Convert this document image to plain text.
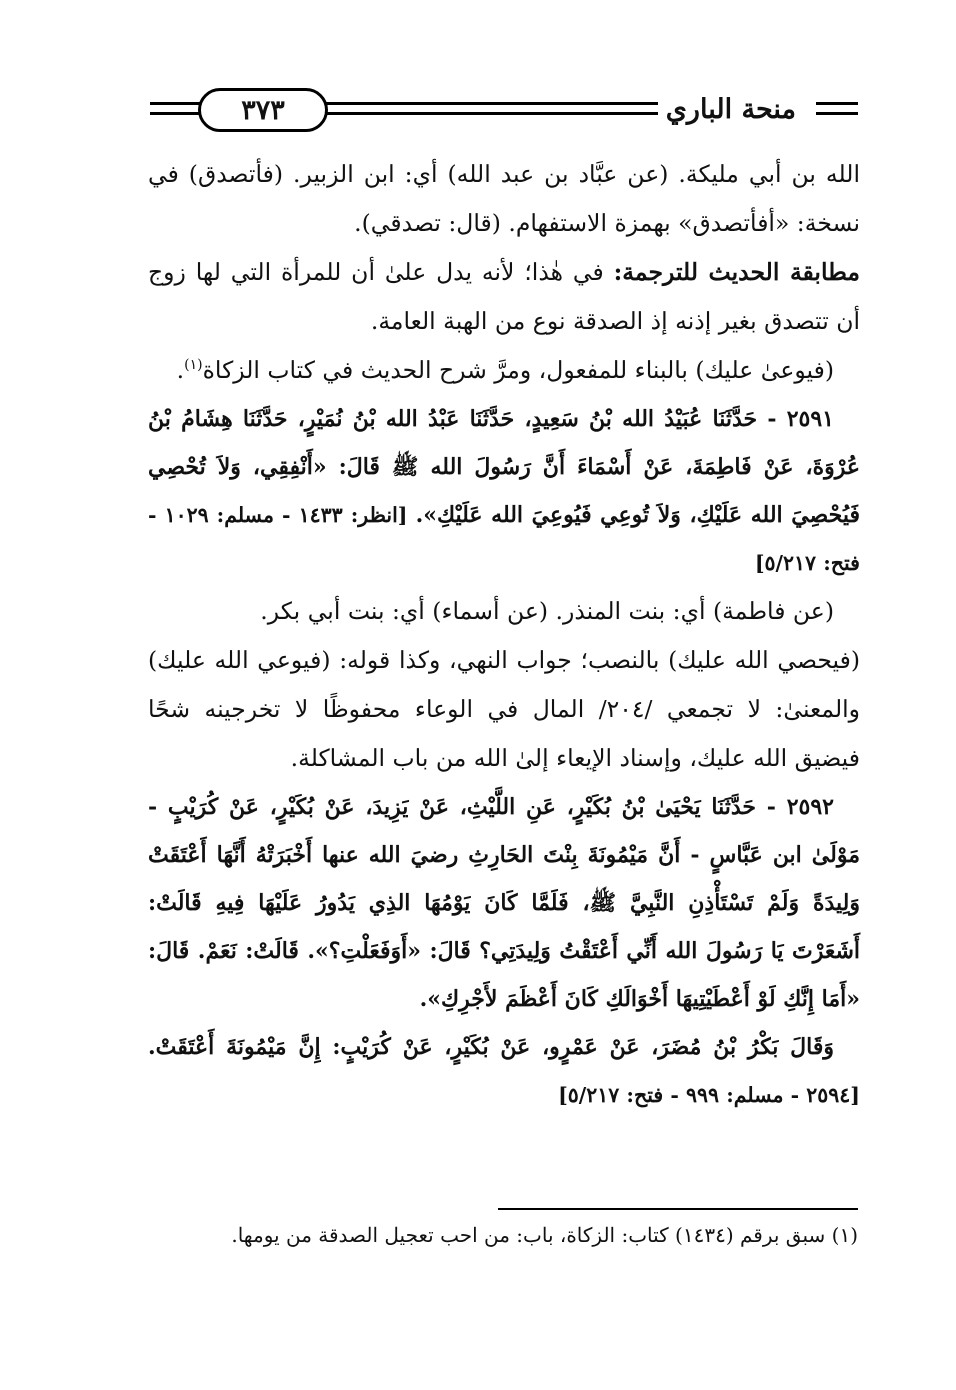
٣٧٣	منحة الباري

الله بن أبي مليكة. (عن عبَّاد بن عبد الله) أي: ابن الزبير. (فأتصدق) في نسخة: «أفأتصدق» بهمزة الاستفهام. (قال: تصدقي).

مطابقة الحديث للترجمة: في هٰذا؛ لأنه يدل علىٰ أن للمرأة التي لها زوج أن تتصدق بغير إذنه إذ الصدقة نوع من الهبة العامة.

(فيوعىٰ عليك) بالبناء للمفعول، ومرَّ شرح الحديث في كتاب الزكاة$^{(١)}$.

٢٥٩١ - حَدَّثَنَا عُبَيْدُ الله بْنُ سَعِيدٍ، حَدَّثَنَا عَبْدُ الله بْنُ نُمَيْرٍ، حَدَّثَنَا هِشَامُ بْنُ عُرْوَةَ، عَنْ فَاطِمَةَ، عَنْ أَسْمَاءَ أَنَّ رَسُولَ الله ﷺ قَالَ: «أَنْفِقِي، وَلاَ تُحْصِي فَيُحْصِيَ الله عَلَيْكِ، وَلاَ تُوعِي فَيُوعِيَ الله عَلَيْكِ». [انظر: ١٤٣٣ - مسلم: ١٠٢٩ - فتح: ٥/٢١٧]

(عن فاطمة) أي: بنت المنذر. (عن أسماء) أي: بنت أبي بكر.

(فيحصي الله عليك) بالنصب؛ جواب النهي، وكذا قوله: (فيوعي الله عليك) والمعنىٰ: لا تجمعي /٢٠٤/ المال في الوعاء محفوظًا لا تخرجينه شحًا فيضيق الله عليك، وإسناد الإيعاء إلىٰ الله من باب المشاكلة.

٢٥٩٢ - حَدَّثَنَا يَحْيَىٰ بْنُ بُكَيْرٍ، عَنِ اللَّيْثِ، عَنْ يَزِيدَ، عَنْ بُكَيْرٍ، عَنْ كُرَيْبٍ - مَوْلَىٰ ابن عَبَّاسٍ - أَنَّ مَيْمُونَةَ بِنْتَ الحَارِثِ رضيَ الله عنها أَخْبَرَتْهُ أَنَّهَا أَعْتَقَتْ وَلِيدَةً وَلَمْ تَسْتَأْذِنِ النَّبِيَّ ﷺ، فَلَمَّا كَانَ يَوْمُهَا الذِي يَدُورُ عَلَيْهَا فِيهِ قَالَتْ: أَشَعَرْتَ يَا رَسُولَ الله أَنِّي أَعْتَقْتُ وَلِيدَتِي؟ قَالَ: «أَوَفَعَلْتِ؟». قَالَتْ: نَعَمْ. قَالَ: «أَمَا إِنَّكِ لَوْ أَعْطَيْتِيهَا أَخْوَالَكِ كَانَ أَعْظَمَ لأَجْرِكِ».

وَقَالَ بَكْرُ بْنُ مُضَرَ، عَنْ عَمْرٍو، عَنْ بُكَيْرٍ، عَنْ كُرَيْبٍ: إِنَّ مَيْمُونَةَ أَعْتَقَتْ. [٢٥٩٤ - مسلم: ٩٩٩ - فتح: ٥/٢١٧]

(١) سبق برقم (١٤٣٤) كتاب: الزكاة، باب: من احب تعجيل الصدقة من يومها.
